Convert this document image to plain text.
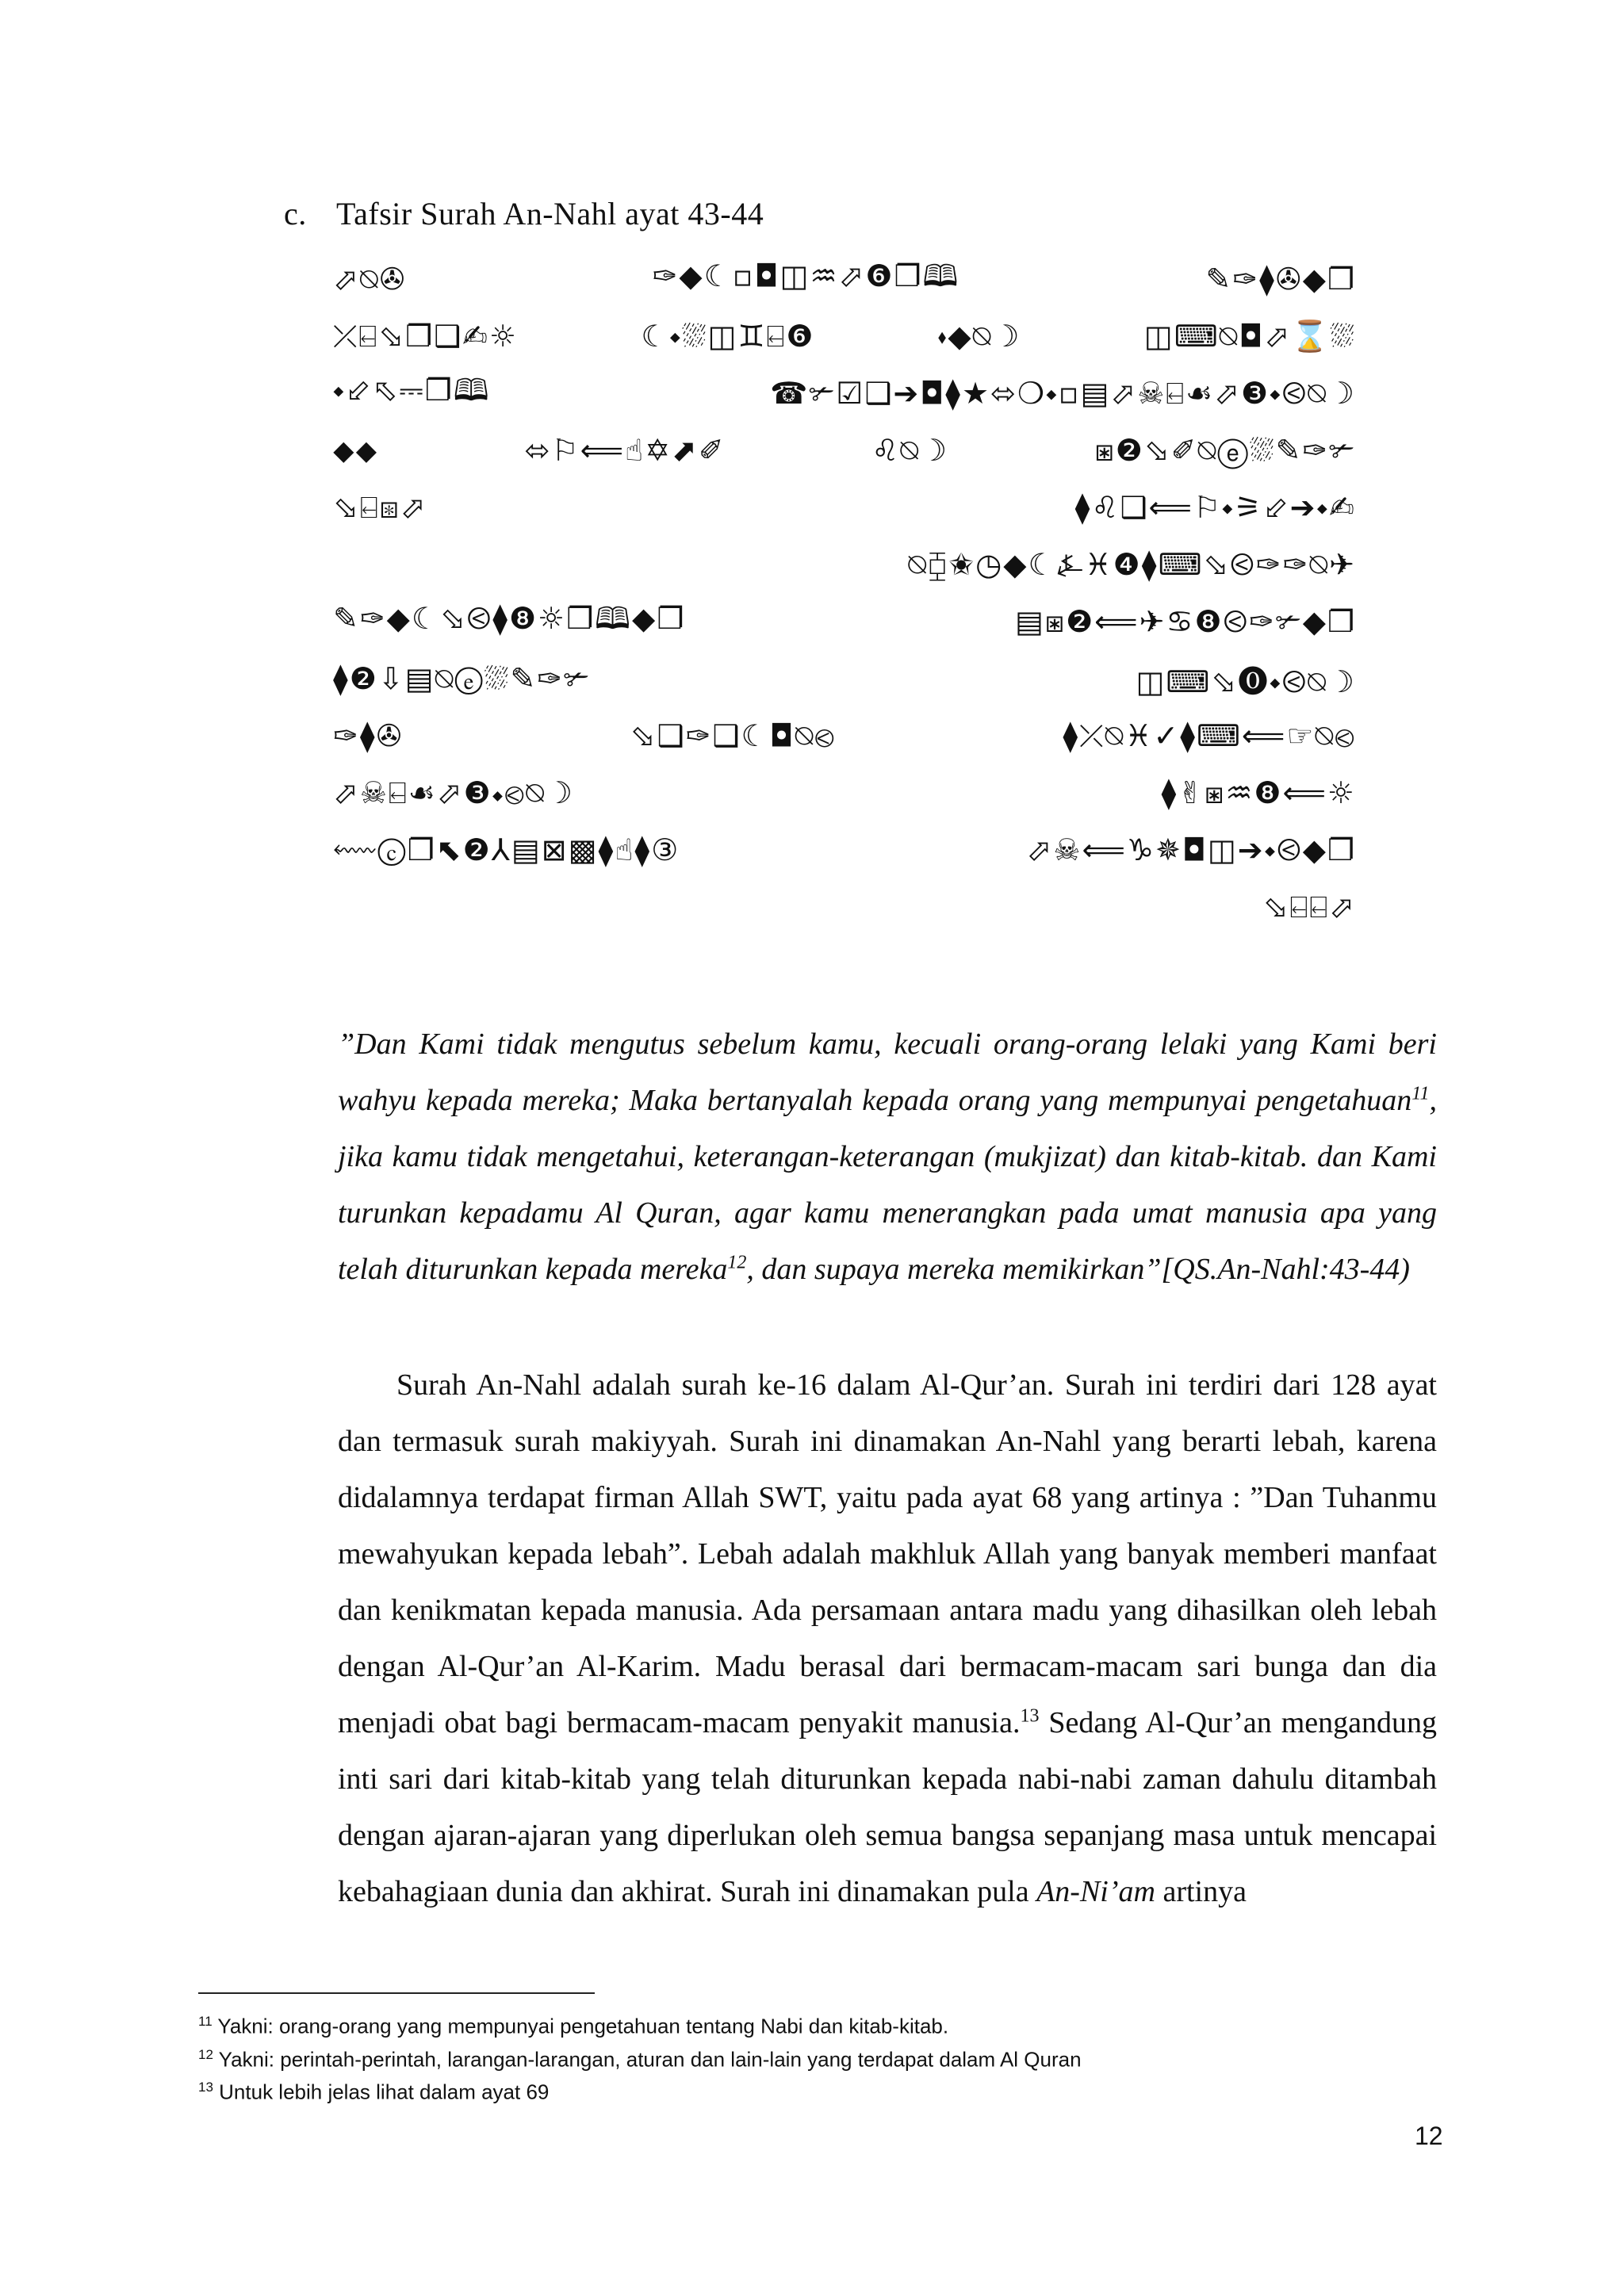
c. Tafsir Surah An-Nahl ayat 43-44
⬀⍉✇	✑◆☾▫◘◫♒⬀❻❐🕮	✎✑⧫✇◆❐
⤫⍇⬂❐❑✍☼	☾⬩⛆◫♊⍇❻	⬪◆⍉☽	◫⌨⍉◘⬀⌛⛆
⬩⬃⬁⎓❐🕮	☎✃☑❑➔◘⧫★⬄❍⬩▫▤⬀☠⍇☙⬀❸⬩⧀⍉☽
⬥⬥	⬄⚐⟸☝✡⬈✐	♌⍉☽	⧆❷⬂✐⍉ⓔ⛆✎✑✃
⬂⍇⧆⬀	⧫♌❑⟸⚐⬩⚞⬃➔⬩✍
⍉⧮✬◷◆☾⍼♓❹⧫⌨⬂⧀✑✑⍉✈
✎✑◆☾⬂⧀⧫❽☼❐🕮◆❐	▤⧆❷⟸✈♋❽⧀✑✃◆❐
⧫❷⇩▤⍉ⓔ⛆✎✑✃	◫⌨⬂⓿⬩⧀⍉☽
✑⧫✇	⬂❑✑❑☾◘⍉⧀	⧫⤫⍉♓✓⧫⌨⟸☞⍉⧀
⬀☠⍇☙⬀❸⬩⧀⍉☽	⧫✌⧆♒❽⟸☼
⬳ⓒ❐⬉❷⅄▤⊠▩⧫☝⧫③	⬀☠⟸♑✵◘◫➔⬩⧀◆❐
⬂⍇⍇⬀
”Dan Kami tidak mengutus sebelum kamu, kecuali orang-orang lelaki yang Kami beri wahyu kepada mereka; Maka bertanyalah kepada orang yang mempunyai pengetahuan$^{11}$, jika kamu tidak mengetahui, keterangan-keterangan (mukjizat) dan kitab-kitab. dan Kami turunkan kepadamu Al Quran, agar kamu menerangkan pada umat manusia apa yang telah diturunkan kepada mereka$^{12}$, dan supaya mereka memikirkan”[QS.An-Nahl:43-44)
Surah An-Nahl adalah surah ke-16 dalam Al-Qur’an. Surah ini terdiri dari 128 ayat dan termasuk surah makiyyah. Surah ini dinamakan An-Nahl yang berarti lebah, karena didalamnya terdapat firman Allah SWT, yaitu pada ayat 68 yang artinya : ”Dan Tuhanmu mewahyukan kepada lebah”. Lebah adalah makhluk Allah yang banyak memberi manfaat dan kenikmatan kepada manusia. Ada persamaan antara madu yang dihasilkan oleh lebah dengan Al-Qur’an Al-Karim. Madu berasal dari bermacam-macam sari bunga dan dia menjadi obat bagi bermacam-macam penyakit manusia.$^{13}$ Sedang Al-Qur’an mengandung inti sari dari kitab-kitab yang telah diturunkan kepada nabi-nabi zaman dahulu ditambah dengan ajaran-ajaran yang diperlukan oleh semua bangsa sepanjang masa untuk mencapai kebahagiaan dunia dan akhirat. Surah ini dinamakan pula An-Ni’am artinya
$^{11}$ Yakni: orang-orang yang mempunyai pengetahuan tentang Nabi dan kitab-kitab.
$^{12}$ Yakni: perintah-perintah, larangan-larangan, aturan dan lain-lain yang terdapat dalam Al Quran
$^{13}$ Untuk lebih jelas lihat dalam ayat 69
12
